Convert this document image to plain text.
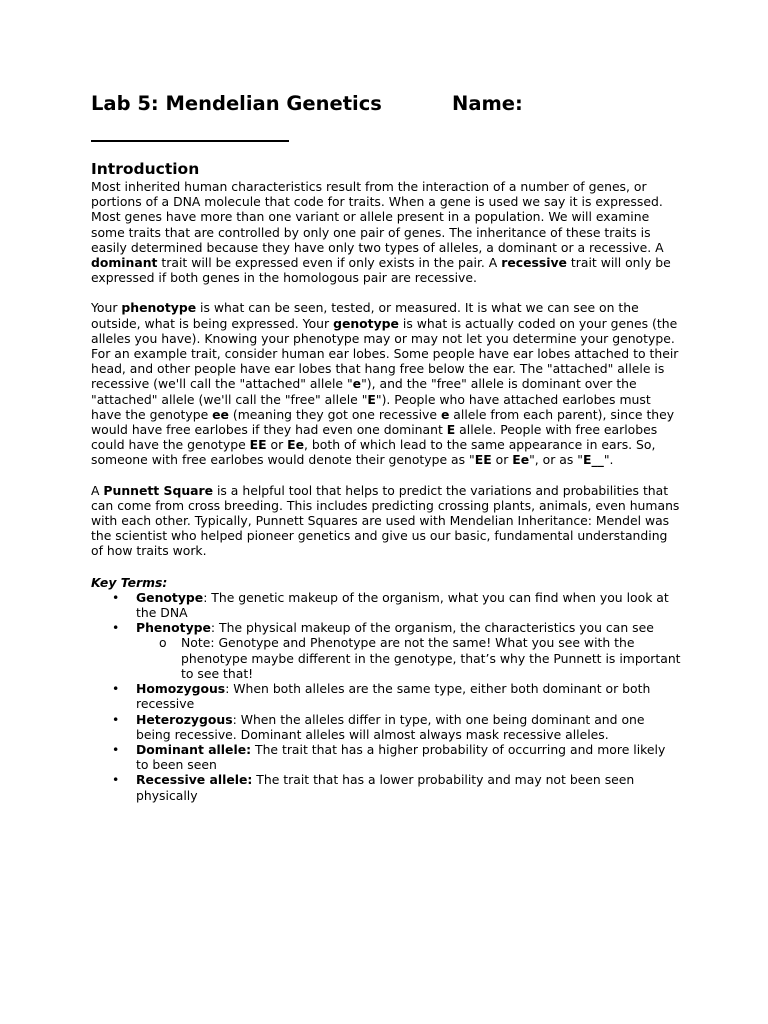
Lab 5: Mendelian Genetics	Name:
Introduction

Most inherited human characteristics result from the interaction of a number of genes, or portions of a DNA molecule that code for traits. When a gene is used we say it is expressed. Most genes have more than one variant or allele present in a population. We will examine some traits that are controlled by only one pair of genes. The inheritance of these traits is easily determined because they have only two types of alleles, a dominant or a recessive. A dominant trait will be expressed even if only exists in the pair. A recessive trait will only be expressed if both genes in the homologous pair are recessive.

Your phenotype is what can be seen, tested, or measured. It is what we can see on the outside, what is being expressed. Your genotype is what is actually coded on your genes (the alleles you have). Knowing your phenotype may or may not let you determine your genotype. For an example trait, consider human ear lobes. Some people have ear lobes attached to their head, and other people have ear lobes that hang free below the ear. The "attached" allele is recessive (we'll call the "attached" allele "e"), and the "free" allele is dominant over the "attached" allele (we'll call the "free" allele "E"). People who have attached earlobes must have the genotype ee (meaning they got one recessive e allele from each parent), since they would have free earlobes if they had even one dominant E allele. People with free earlobes could have the genotype EE or Ee, both of which lead to the same appearance in ears. So, someone with free earlobes would denote their genotype as "EE or Ee", or as "E__".

A Punnett Square is a helpful tool that helps to predict the variations and probabilities that can come from cross breeding. This includes predicting crossing plants, animals, even humans with each other. Typically, Punnett Squares are used with Mendelian Inheritance: Mendel was the scientist who helped pioneer genetics and give us our basic, fundamental understanding of how traits work.

Key Terms:
• Genotype: The genetic makeup of the organism, what you can find when you look at the DNA
• Phenotype: The physical makeup of the organism, the characteristics you can see
o Note: Genotype and Phenotype are not the same! What you see with the phenotype maybe different in the genotype, that’s why the Punnett is important to see that!
• Homozygous: When both alleles are the same type, either both dominant or both recessive
• Heterozygous: When the alleles differ in type, with one being dominant and one being recessive. Dominant alleles will almost always mask recessive alleles.
• Dominant allele: The trait that has a higher probability of occurring and more likely to been seen
• Recessive allele: The trait that has a lower probability and may not been seen physically
